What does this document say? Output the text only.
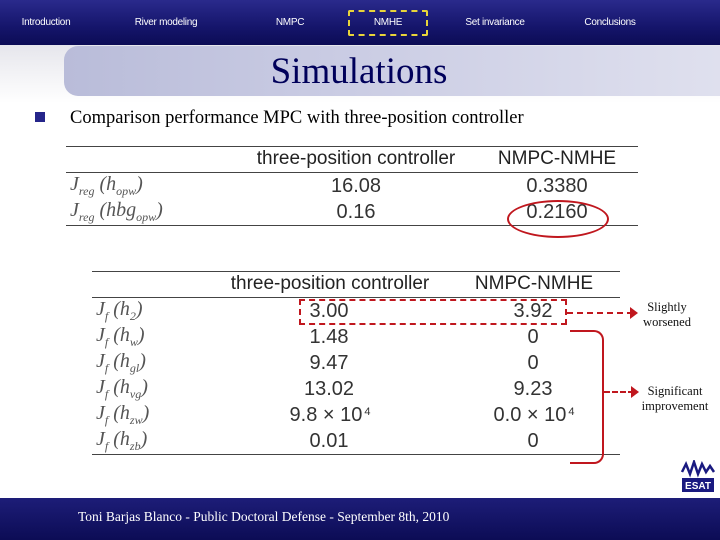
Introduction	River modeling	NMPC	NMHE	Set invariance	Conclusions
Simulations
Comparison performance MPC with three-position controller
	three-position controller	NMPC-NMHE
$J_{reg}$ $(h_{opw})$	16.08	0.3380
$J_{reg}$ (hbg$_{opw}$)	0.16	0.2160
	three-position controller	NMPC-NMHE
$J_f$ $(h_2)$	3.00	3.92
$J_f$ $(h_w)$	1.48	0
$J_f$ $(h_{gl})$	9.47	0
$J_f$ $(h_{vg})$	13.02	9.23
$J_f$ $(h_{zw})$	9.8 × 10 $^4$	0.0 × 10 $^4$
$J_f$ $(h_{zb})$	0.01	0
Slightly worsened
Significant improvement
ESAT
Toni Barjas Blanco - Public Doctoral Defense - September 8th, 2010
